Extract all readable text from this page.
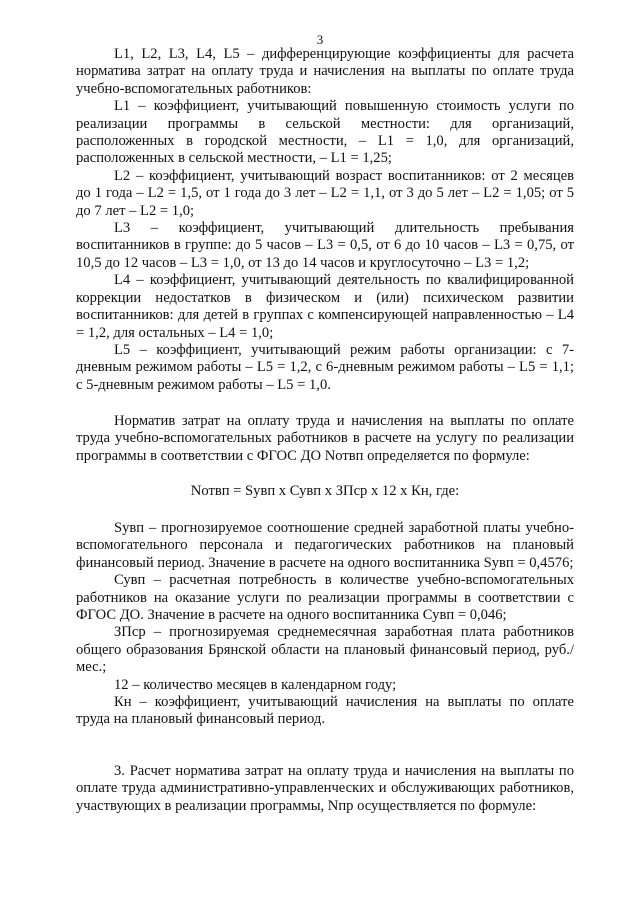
3

L1, L2, L3, L4, L5 – дифференцирующие коэффициенты для расчета норматива затрат на оплату труда и начисления на выплаты по оплате труда учебно-вспомогательных работников:

L1 – коэффициент, учитывающий повышенную стоимость услуги по реализации программы в сельской местности: для организаций, расположенных в городской местности, – L1 = 1,0, для организаций, расположенных в сельской местности, – L1 = 1,25;

L2 – коэффициент, учитывающий возраст воспитанников: от 2 месяцев до 1 года – L2 = 1,5, от 1 года до 3 лет – L2 = 1,1, от 3 до 5 лет – L2 = 1,05; от 5 до 7 лет – L2 = 1,0;

L3 – коэффициент, учитывающий длительность пребывания воспитанников в группе: до 5 часов – L3 = 0,5, от 6 до 10 часов – L3 = 0,75, от 10,5 до 12 часов – L3 = 1,0, от 13 до 14 часов и круглосуточно – L3 = 1,2;

L4 – коэффициент, учитывающий деятельность по квалифицированной коррекции недостатков в физическом и (или) психическом развитии воспитанников: для детей в группах с компенсирующей направленностью – L4 = 1,2, для остальных – L4 = 1,0;

L5 – коэффициент, учитывающий режим работы организации: с 7-дневным режимом работы – L5 = 1,2, с 6-дневным режимом работы – L5 = 1,1; с 5-дневным режимом работы – L5 = 1,0.

Норматив затрат на оплату труда и начисления на выплаты по оплате труда учебно-вспомогательных работников в расчете на услугу по реализации программы в соответствии с ФГОС ДО Nотвп определяется по формуле:

Nотвп = Sувп x Сувп x ЗПср x 12 x Кн, где:

Sувп – прогнозируемое соотношение средней заработной платы учебно-вспомогательного персонала и педагогических работников на плановый финансовый период. Значение в расчете на одного воспитанника Sувп = 0,4576;

Сувп – расчетная потребность в количестве учебно-вспомогательных работников на оказание услуги по реализации программы в соответствии с ФГОС ДО. Значение в расчете на одного воспитанника Сувп = 0,046;

ЗПср – прогнозируемая среднемесячная заработная плата работников общего образования Брянской области на плановый финансовый период, руб./мес.;

12 – количество месяцев в календарном году;

Кн – коэффициент, учитывающий начисления на выплаты по оплате труда на плановый финансовый период.

3. Расчет норматива затрат на оплату труда и начисления на выплаты по оплате труда административно-управленческих и обслуживающих работников, участвующих в реализации программы, Nпр осуществляется по формуле:
